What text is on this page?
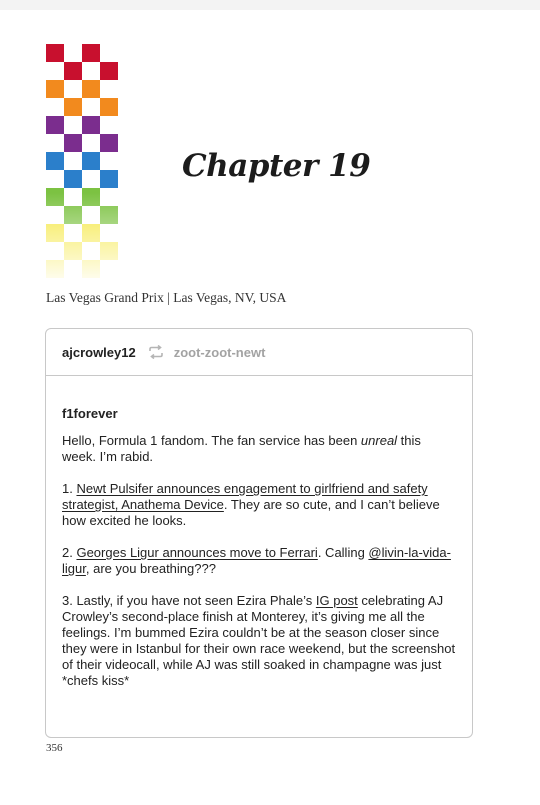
Chapter 19
Las Vegas Grand Prix | Las Vegas, NV, USA
ajcrowley12	zoot-zoot-newt
f1forever

Hello, Formula 1 fandom. The fan service has been unreal this week. I’m rabid.

1. Newt Pulsifer announces engagement to girlfriend and safety strategist, Anathema Device. They are so cute, and I can’t believe how excited he looks.

2. Georges Ligur announces move to Ferrari. Calling @livin-la-vida-ligur, are you breathing???

3. Lastly, if you have not seen Ezira Phale’s IG post celebrating AJ Crowley’s second-place finish at Monterey, it’s giving me all the feelings. I’m bummed Ezira couldn’t be at the season closer since they were in Istanbul for their own race weekend, but the screenshot of their videocall, while AJ was still soaked in champagne was just *chefs kiss*

356
